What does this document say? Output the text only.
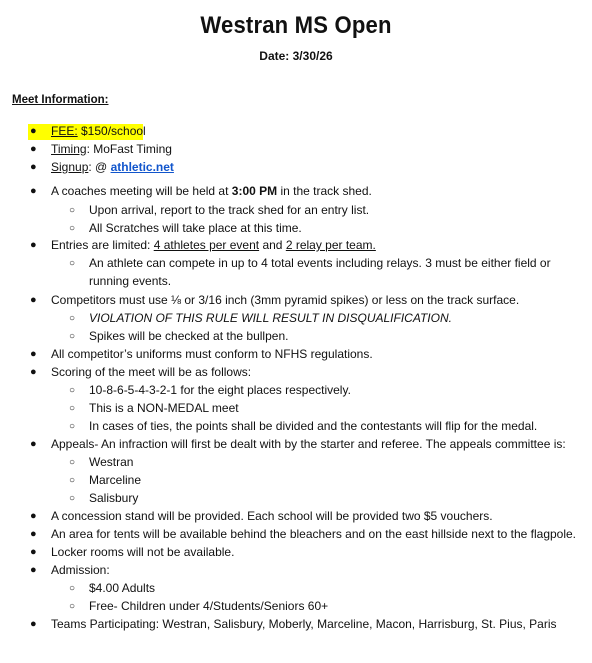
Westran MS Open
Date: 3/30/26
Meet Information:
● FEE: $150/school
● Timing: MoFast Timing
● Signup: @ athletic.net
● A coaches meeting will be held at 3:00 PM in the track shed.
○ Upon arrival, report to the track shed for an entry list.
○ All Scratches will take place at this time.
● Entries are limited: 4 athletes per event and 2 relay per team.
○ An athlete can compete in up to 4 total events including relays. 3 must be either field or running events.
● Competitors must use ⅛ or 3/16 inch (3mm pyramid spikes) or less on the track surface.
○ VIOLATION OF THIS RULE WILL RESULT IN DISQUALIFICATION.
○ Spikes will be checked at the bullpen.
● All competitor’s uniforms must conform to NFHS regulations.
● Scoring of the meet will be as follows:
○ 10-8-6-5-4-3-2-1 for the eight places respectively.
○ This is a NON-MEDAL meet
○ In cases of ties, the points shall be divided and the contestants will flip for the medal.
● Appeals- An infraction will first be dealt with by the starter and referee. The appeals committee is:
○ Westran
○ Marceline
○ Salisbury
● A concession stand will be provided. Each school will be provided two $5 vouchers.
● An area for tents will be available behind the bleachers and on the east hillside next to the flagpole.
● Locker rooms will not be available.
● Admission:
○ $4.00 Adults
○ Free- Children under 4/Students/Seniors 60+
● Teams Participating: Westran, Salisbury, Moberly, Marceline, Macon, Harrisburg, St. Pius, Paris
